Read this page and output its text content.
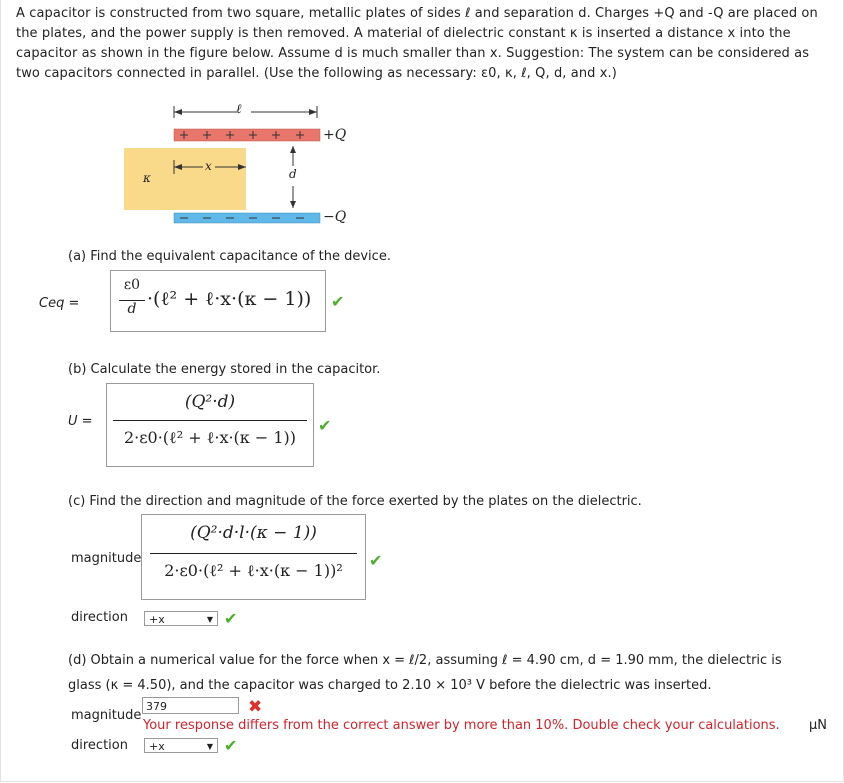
A capacitor is constructed from two square, metallic plates of sides ℓ and separation d. Charges +Q and -Q are placed on the plates, and the power supply is then removed. A material of dielectric constant κ is inserted a distance x into the capacitor as shown in the figure below. Assume d is much smaller than x. Suggestion: The system can be considered as two capacitors connected in parallel. (Use the following as necessary: ε0, κ, ℓ, Q, d, and x.)
ℓ
+Q
−Q
x
d
κ
(a) Find the equivalent capacitance of the device.
Ceq =
ε0
d ·(ℓ² + ℓ·x·(κ − 1)) ✔
(b) Calculate the energy stored in the capacitor.
U =
(Q²·d)
2·ε0·(ℓ² + ℓ·x·(κ − 1))
✔
(c) Find the direction and magnitude of the force exerted by the plates on the dielectric.
magnitude
(Q²·d·l·(κ − 1))
2·ε0·(ℓ² + ℓ·x·(κ − 1))²
✔
direction	+x	▼ ✔
(d) Obtain a numerical value for the force when x = ℓ/2, assuming ℓ = 4.90 cm, d = 1.90 mm, the dielectric is
glass (κ = 4.50), and the capacitor was charged to 2.10 × 10³ V before the dielectric was inserted.
magnitude
379	✖
Your response differs from the correct answer by more than 10%. Double check your calculations. μN
direction	+x	▼ ✔
